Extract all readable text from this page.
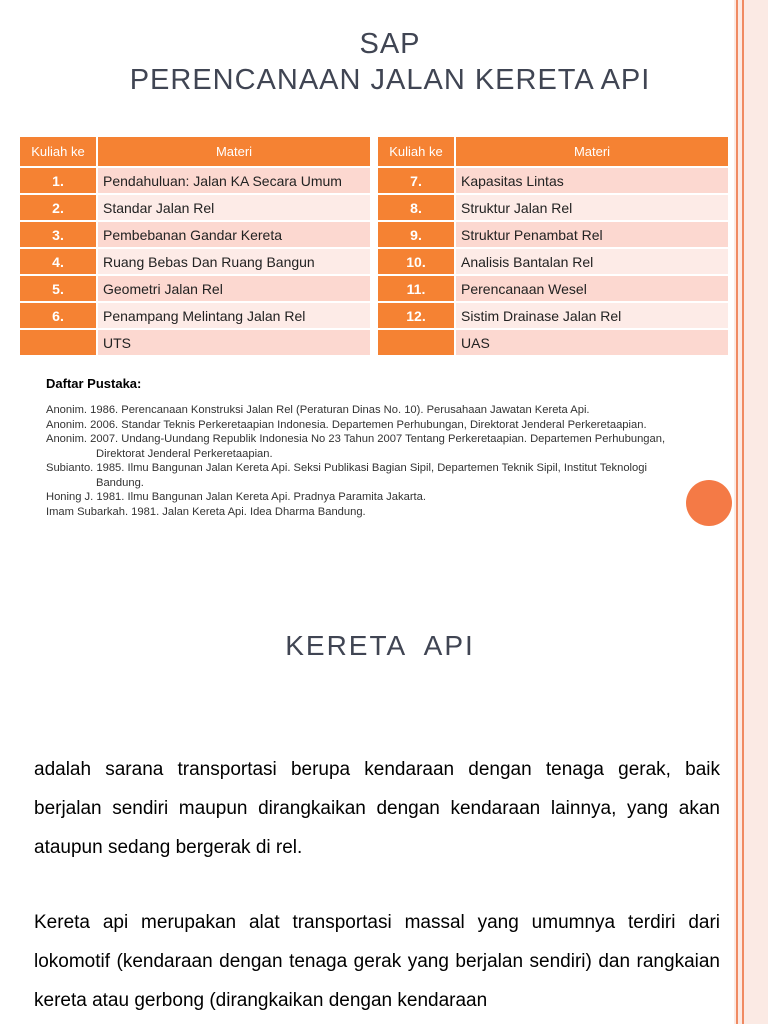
SAP
PERENCANAAN JALAN KERETA API
Kuliah ke	Materi
1.	Pendahuluan: Jalan KA Secara Umum
2.	Standar Jalan Rel
3.	Pembebanan Gandar Kereta
4.	Ruang Bebas Dan Ruang Bangun
5.	Geometri Jalan Rel
6.	Penampang Melintang Jalan Rel
	UTS
Kuliah ke	Materi
7.	Kapasitas Lintas
8.	Struktur Jalan Rel
9.	Struktur Penambat Rel
10.	Analisis Bantalan Rel
11.	Perencanaan Wesel
12.	Sistim Drainase Jalan Rel
	UAS
Daftar Pustaka:
Anonim. 1986. Perencanaan Konstruksi Jalan Rel (Peraturan Dinas No. 10). Perusahaan Jawatan Kereta Api.
Anonim. 2006. Standar Teknis Perkeretaapian Indonesia. Departemen Perhubungan, Direktorat Jenderal Perkeretaapian.
Anonim. 2007. Undang-Uundang Republik Indonesia No 23 Tahun 2007 Tentang Perkeretaapian. Departemen Perhubungan, Direktorat Jenderal Perkeretaapian.
Subianto. 1985. Ilmu Bangunan Jalan Kereta Api. Seksi Publikasi Bagian Sipil, Departemen Teknik Sipil, Institut Teknologi Bandung.
Honing J. 1981. Ilmu Bangunan Jalan Kereta Api. Pradnya Paramita Jakarta.
Imam Subarkah. 1981. Jalan Kereta Api. Idea Dharma Bandung.
KERETA  API
adalah sarana transportasi berupa kendaraan dengan tenaga gerak, baik berjalan sendiri maupun dirangkaikan dengan kendaraan lainnya, yang akan ataupun sedang bergerak di rel.
Kereta api merupakan alat transportasi massal yang umumnya terdiri dari lokomotif (kendaraan dengan tenaga gerak yang berjalan sendiri) dan rangkaian kereta atau gerbong (dirangkaikan dengan kendaraan
